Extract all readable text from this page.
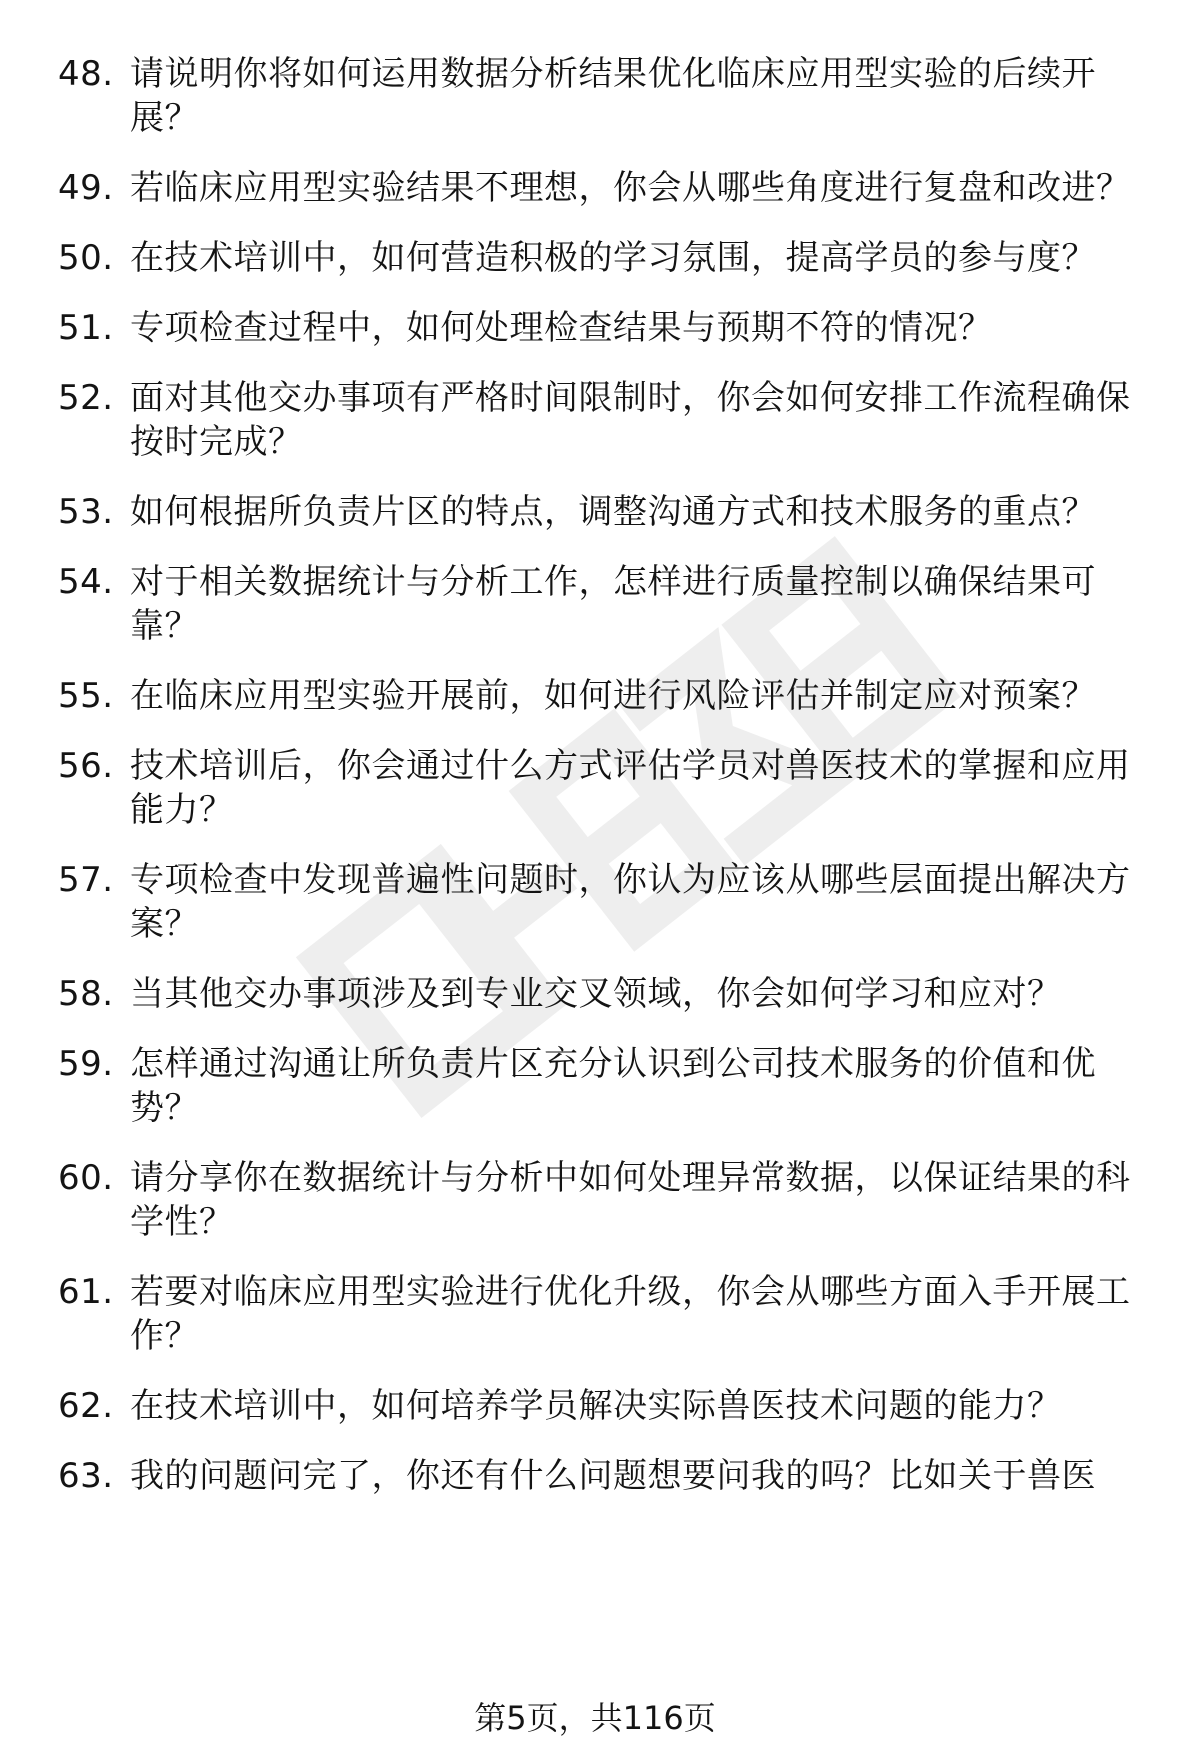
48. 请说明你将如何运用数据分析结果优化临床应用型实验的后续开展？
49. 若临床应用型实验结果不理想，你会从哪些角度进行复盘和改进？
50. 在技术培训中，如何营造积极的学习氛围，提高学员的参与度？
51. 专项检查过程中，如何处理检查结果与预期不符的情况？
52. 面对其他交办事项有严格时间限制时，你会如何安排工作流程确保按时完成？
53. 如何根据所负责片区的特点，调整沟通方式和技术服务的重点？
54. 对于相关数据统计与分析工作，怎样进行质量控制以确保结果可靠？
55. 在临床应用型实验开展前，如何进行风险评估并制定应对预案？
56. 技术培训后，你会通过什么方式评估学员对兽医技术的掌握和应用能力？
57. 专项检查中发现普遍性问题时，你认为应该从哪些层面提出解决方案？
58. 当其他交办事项涉及到专业交叉领域，你会如何学习和应对？
59. 怎样通过沟通让所负责片区充分认识到公司技术服务的价值和优势？
60. 请分享你在数据统计与分析中如何处理异常数据，以保证结果的科学性？
61. 若要对临床应用型实验进行优化升级，你会从哪些方面入手开展工作？
62. 在技术培训中，如何培养学员解决实际兽医技术问题的能力？
63. 我的问题问完了，你还有什么问题想要问我的吗？比如关于兽医
第5页，共116页
